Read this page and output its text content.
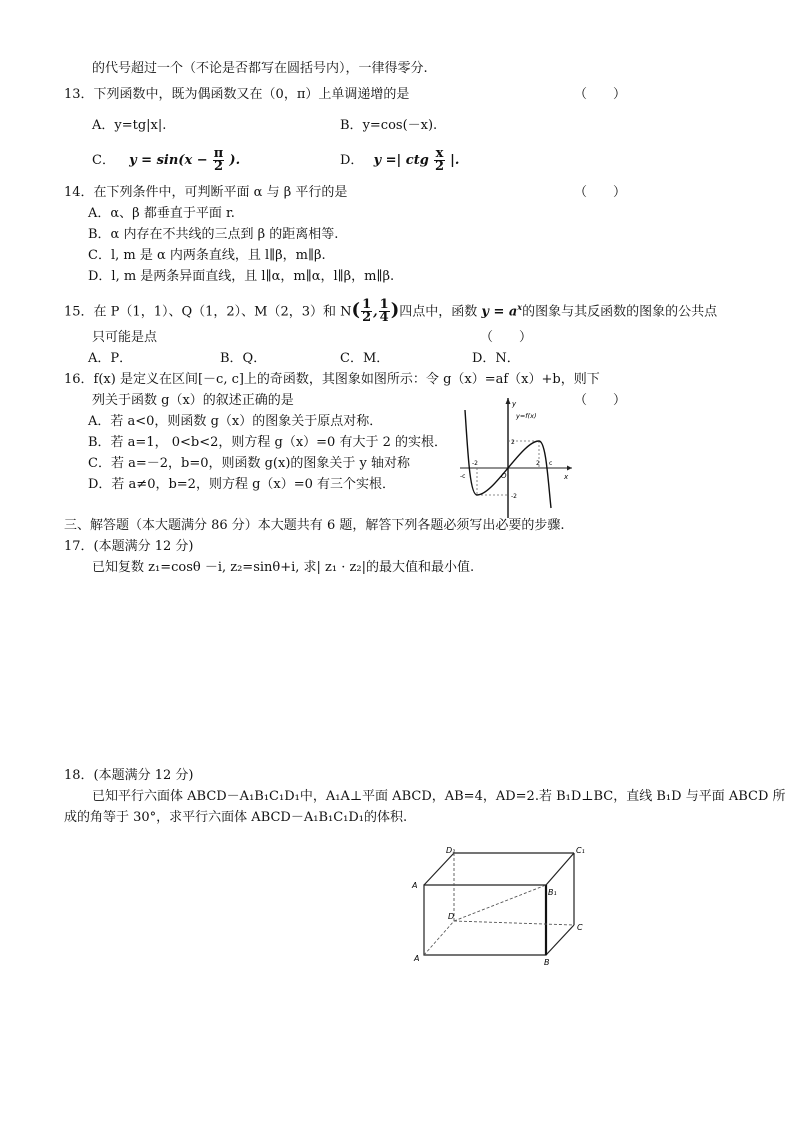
的代号超过一个（不论是否都写在圆括号内），一律得零分.
13．下列函数中，既为偶函数又在（0，π）上单调递增的是	（　　）
A．y=tg|x|.	B．y=cos(－x).
C． $y = \sin(x - \frac{\pi}{2}$ ).	D． y =| ctg $\frac{x}{2}$ |.
14．在下列条件中，可判断平面 α 与 β 平行的是	（　　）
A．α、β 都垂直于平面 r.
B．α 内存在不共线的三点到 β 的距离相等.
C．l, m 是 α 内两条直线，且 l∥β，m∥β.
D．l, m 是两条异面直线，且 l∥α，m∥α，l∥β，m∥β.
15．在 P（1，1）、Q（1，2）、M（2，3）和 $N( \frac{1}{2}$ , $\frac{1}{4}$ )四点中，函数 $y = a^x$的图象与其反函数的图象的公共点
只可能是点	（　　）
A．P．	B．Q．	C．M．	D．N．
16．f(x) 是定义在区间[－c, c]上的奇函数，其图象如图所示：令 g（x）=af（x）+b，则下
列关于函数 g（x）的叙述正确的是	（　　）
A．若 a<0，则函数 g（x）的图象关于原点对称．
B．若 a=1， 0<b<2，则方程 g（x）=0 有大于 2 的实根．
C．若 a=－2，b=0，则函数 g(x)的图象关于 y 轴对称
D．若 a≠0，b=2，则方程 g（x）=0 有三个实根．
y=f(x)
y
x
O
-c
-2	2 c
2
-2
三、解答题（本大题满分 86 分）本大题共有 6 题，解答下列各题必须写出必要的步骤.
17．(本题满分 12 分)
已知复数 z₁=cosθ －i, z₂=sinθ+i, 求| z₁ · z₂|的最大值和最小值.
18．(本题满分 12 分)
已知平行六面体 ABCD－A₁B₁C₁D₁中，A₁A⊥平面 ABCD，AB=4，AD=2.若 B₁D⊥BC，直线 B₁D 与平面 ABCD 所
成的角等于 30°，求平行六面体 ABCD－A₁B₁C₁D₁的体积.
D₁	C₁
A
B₁
D
C
A	B
